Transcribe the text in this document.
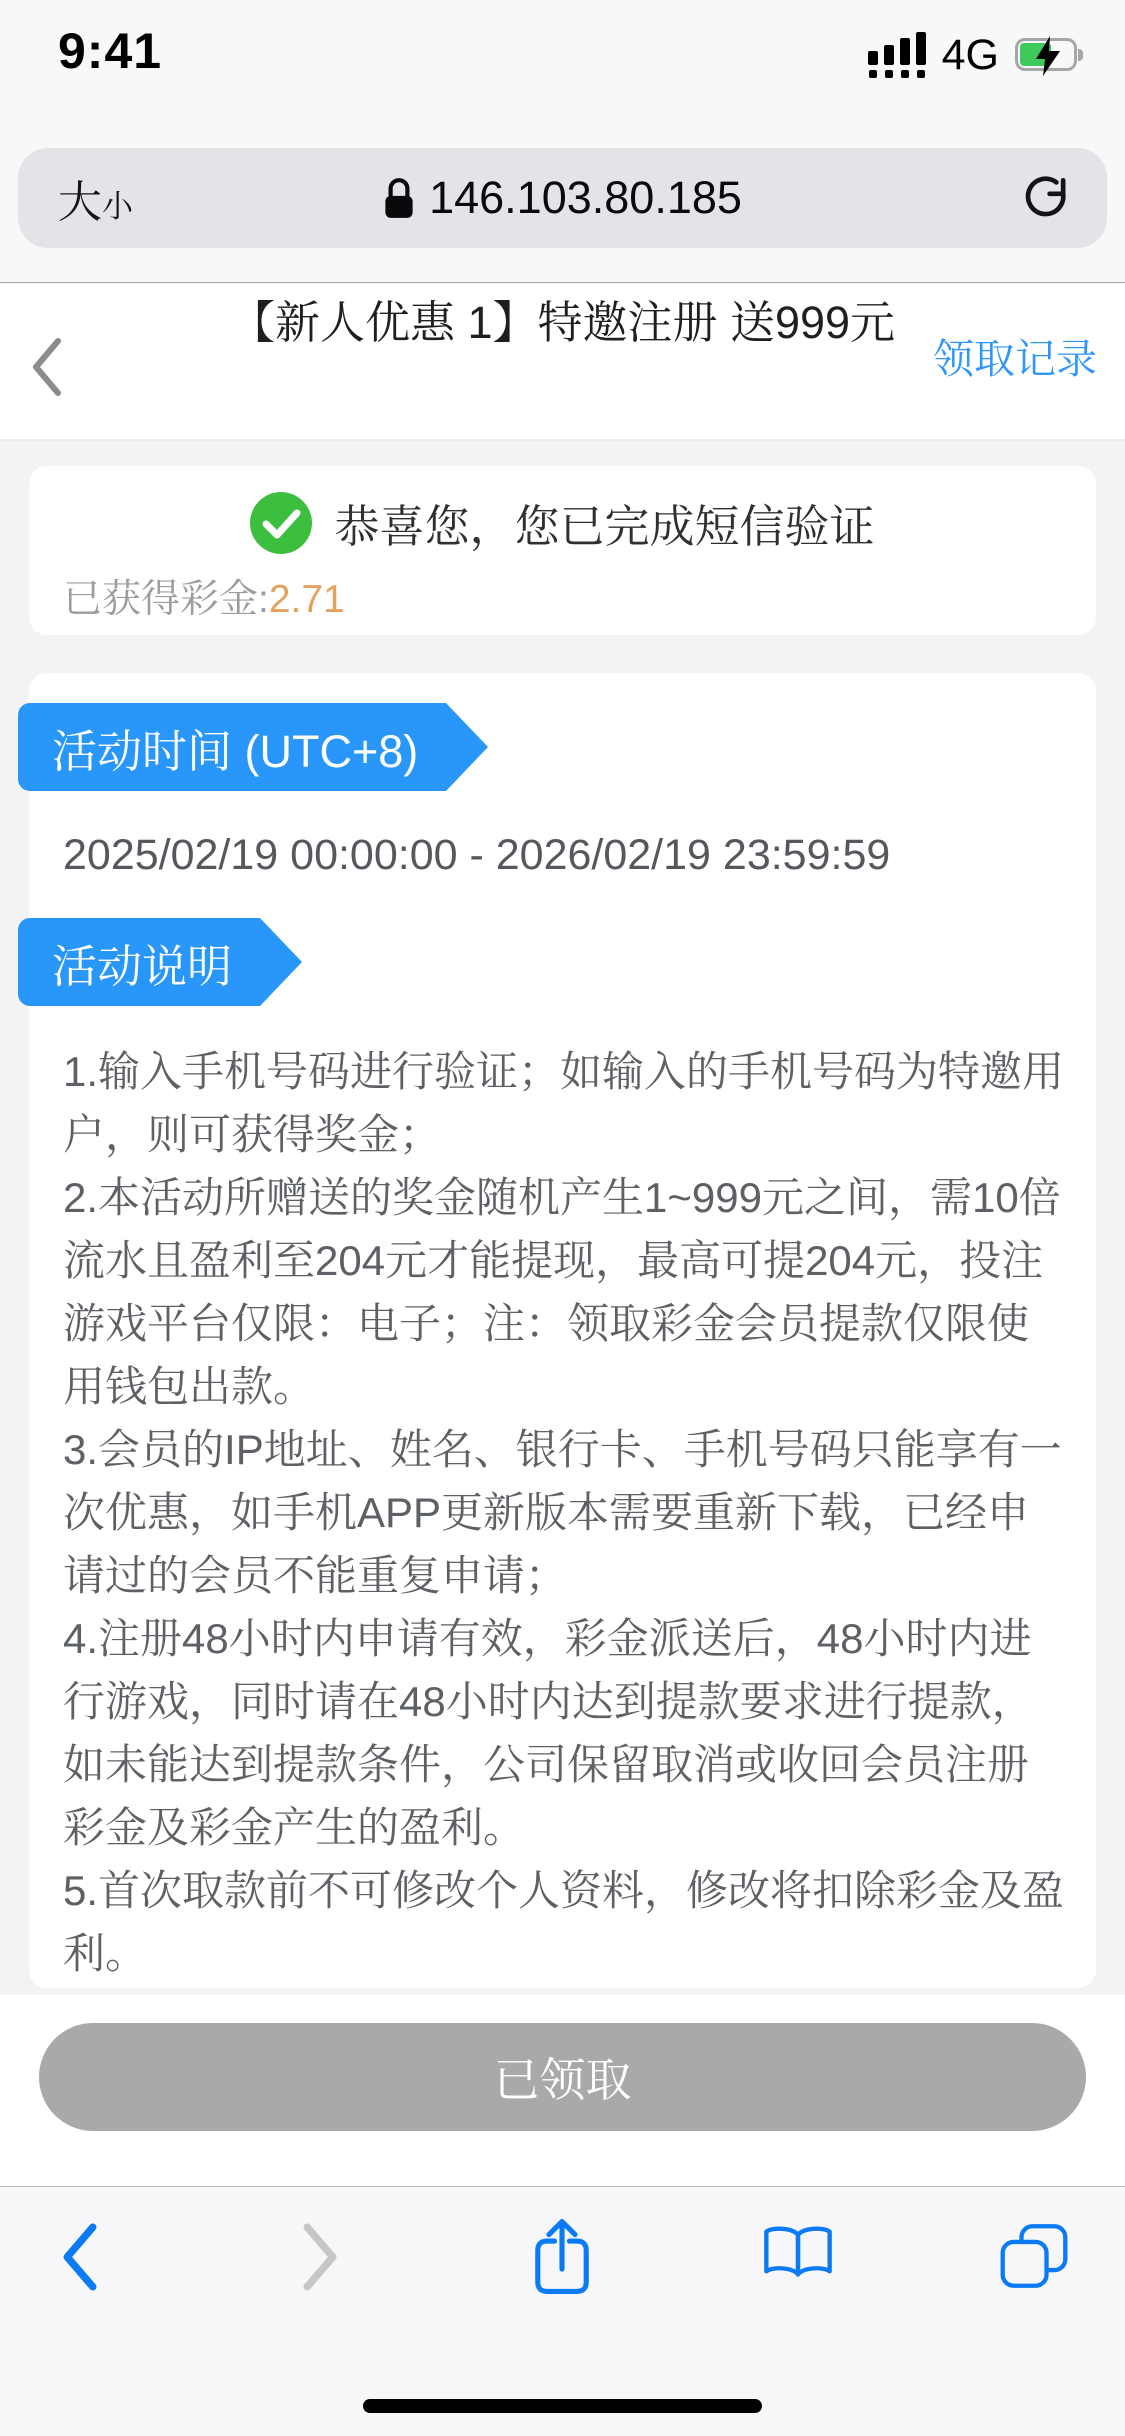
9:41	4G
大 小	146.103.80.185
【新人优惠 1】特邀注册 送999元
领取记录
恭喜您，您已完成短信验证
已获得彩金:2.71
活动时间 (UTC+8)
2025/02/19 00:00:00 - 2026/02/19 23:59:59
活动说明

1.输入手机号码进行验证；如输入的手机号码为特邀用户，则可获得奖金；

2.本活动所赠送的奖金随机产生1~999元之间，需10倍流水且盈利至204元才能提现，最高可提204元，投注游戏平台仅限：电子；注：领取彩金会员提款仅限使用钱包出款。

3.会员的IP地址、姓名、银行卡、手机号码只能享有一次优惠，如手机APP更新版本需要重新下载，已经申请过的会员不能重复申请；

4.注册48小时内申请有效，彩金派送后，48小时内进行游戏，同时请在48小时内达到提款要求进行提款，如未能达到提款条件，公司保留取消或收回会员注册彩金及彩金产生的盈利。

5.首次取款前不可修改个人资料，修改将扣除彩金及盈利。

已领取
